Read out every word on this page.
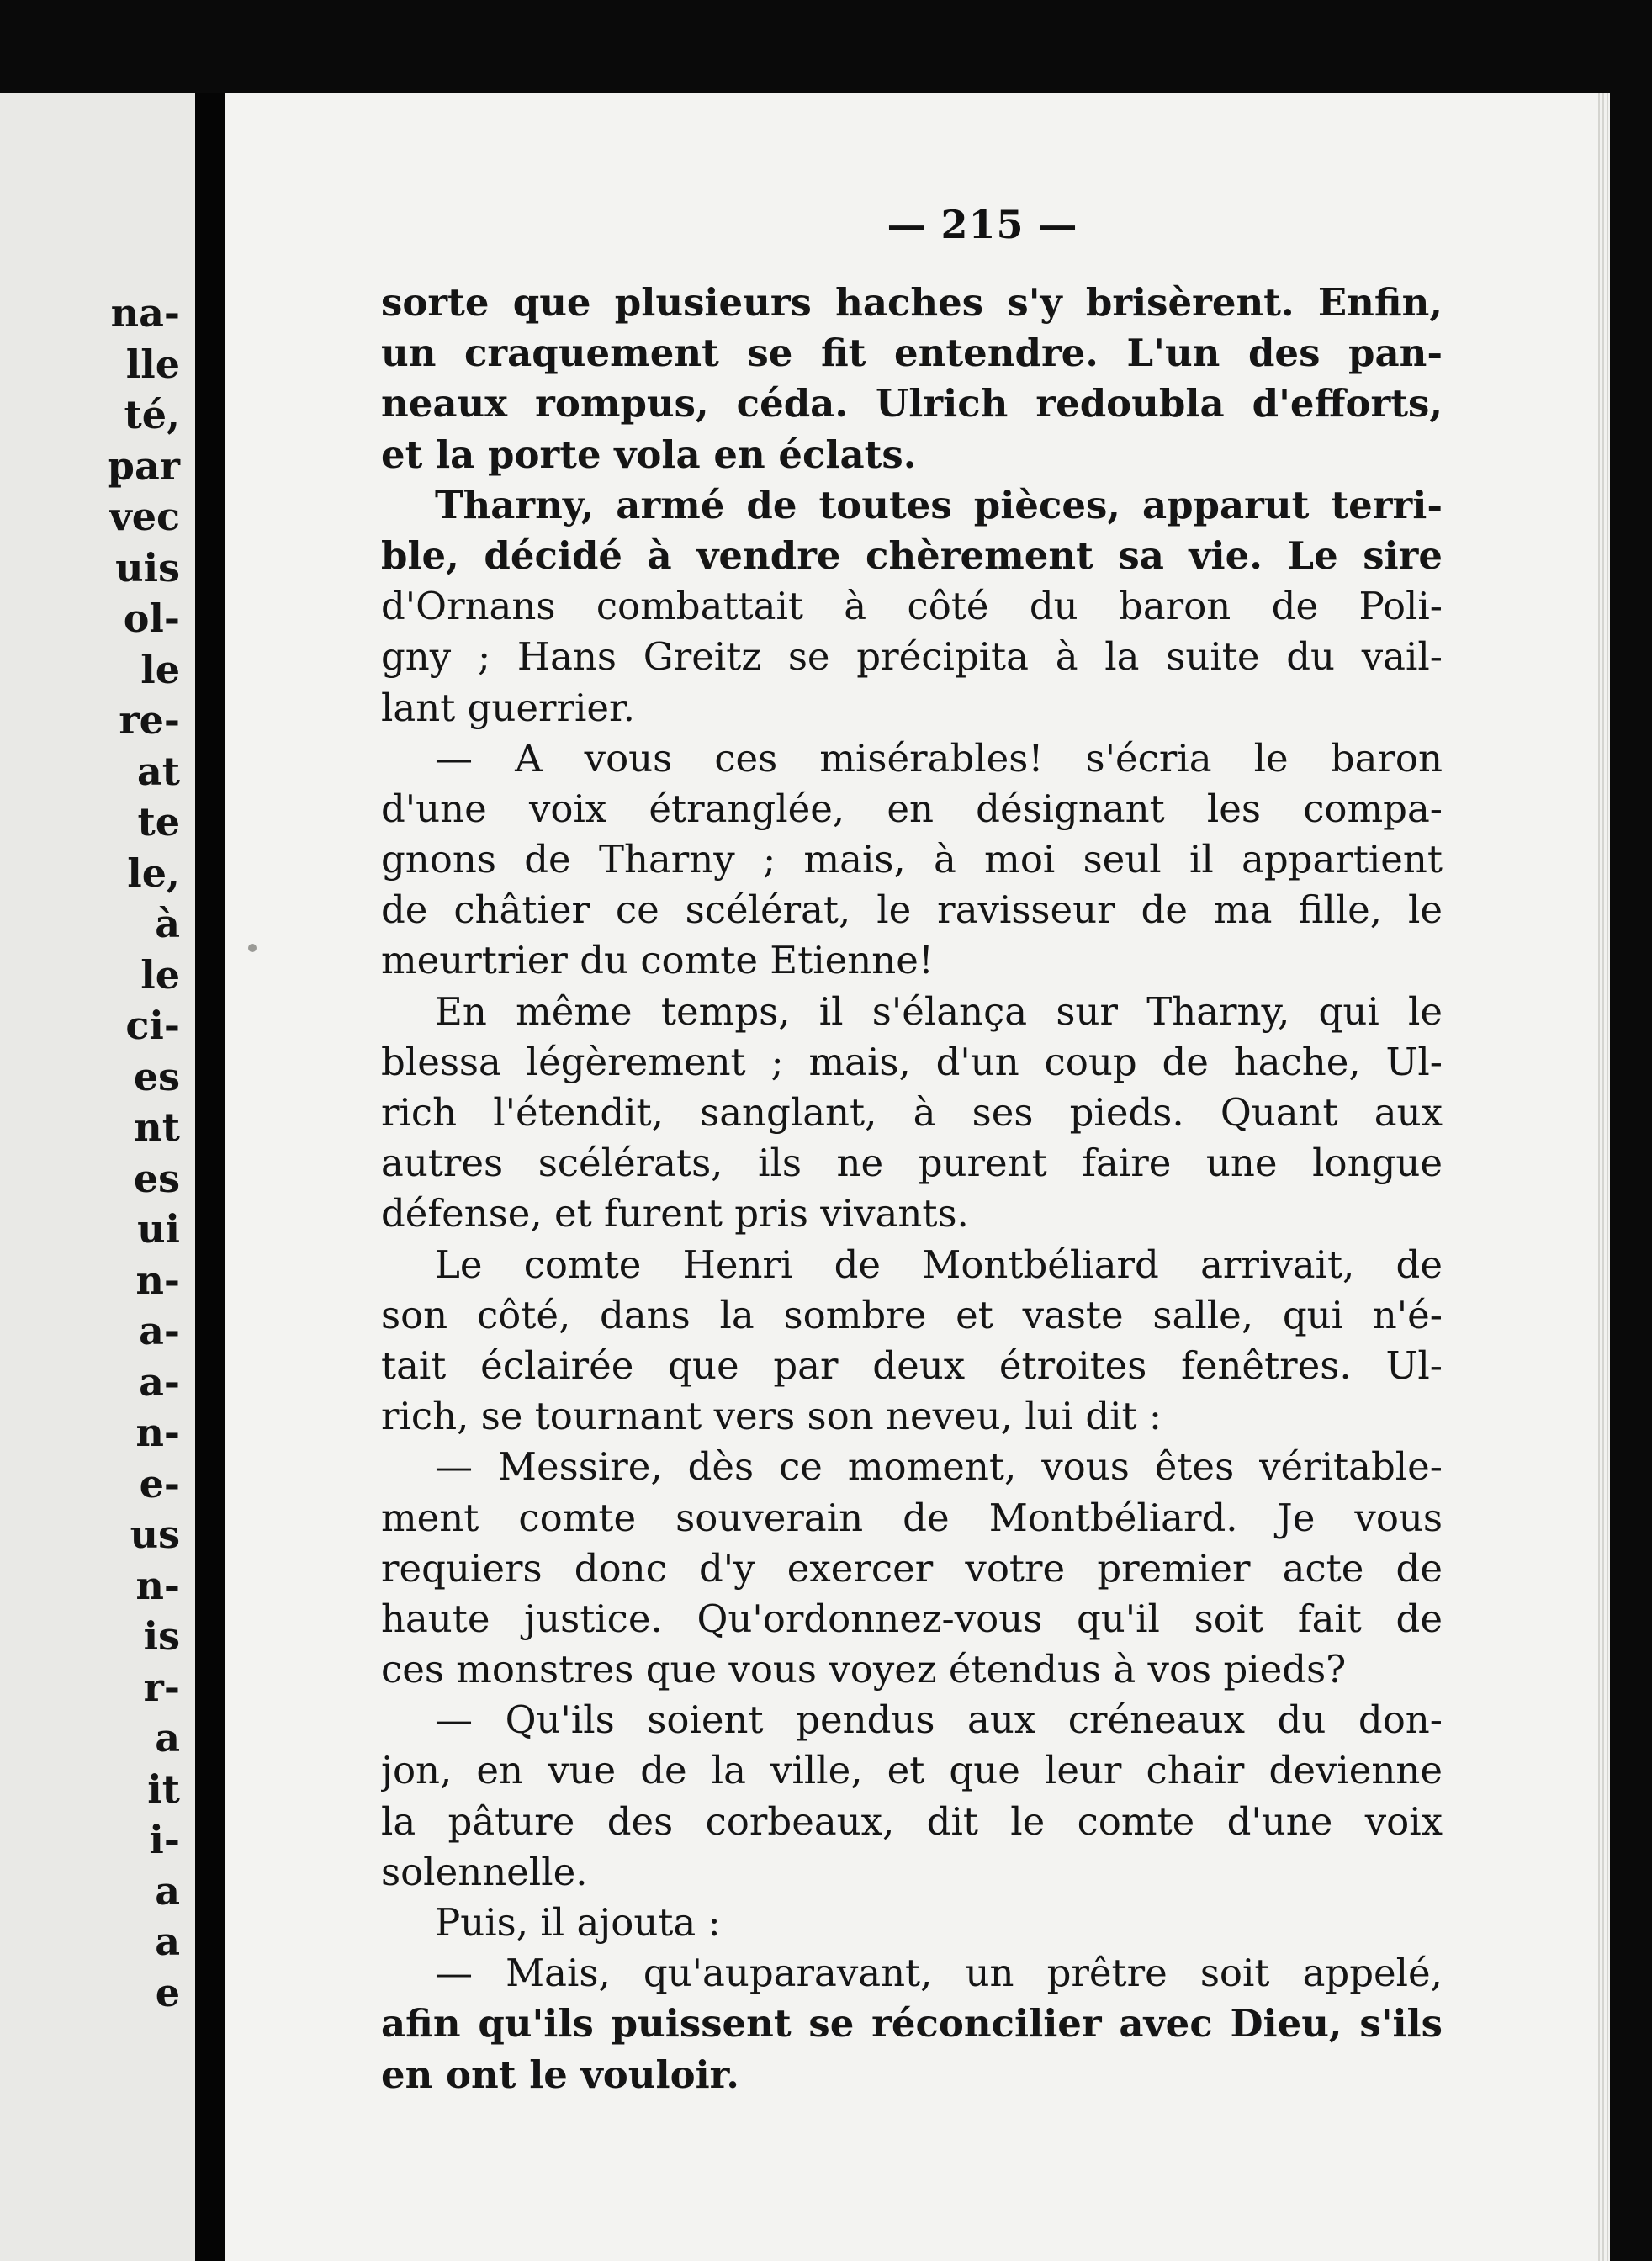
na-
lle
té,
par
vec
uis
ol-
le
re-
at
te
le,
à
le
ci-
es
nt
es
ui
n-
a-
a-
n-
e-
us
n-
is
r-
a
it
i-
a
a
e
— 215 —
sorte que plusieurs haches s'y brisèrent. Enfin,
un craquement se fit entendre. L'un des pan-
neaux rompus, céda. Ulrich redoubla d'efforts,
et la porte vola en éclats.
Tharny, armé de toutes pièces, apparut terri-
ble, décidé à vendre chèrement sa vie. Le sire
d'Ornans combattait à côté du baron de Poli-
gny ; Hans Greitz se précipita à la suite du vail-
lant guerrier.
— A vous ces misérables! s'écria le baron
d'une voix étranglée, en désignant les compa-
gnons de Tharny ; mais, à moi seul il appartient
de châtier ce scélérat, le ravisseur de ma fille, le
meurtrier du comte Etienne!
En même temps, il s'élança sur Tharny, qui le
blessa légèrement ; mais, d'un coup de hache, Ul-
rich l'étendit, sanglant, à ses pieds. Quant aux
autres scélérats, ils ne purent faire une longue
défense, et furent pris vivants.
Le comte Henri de Montbéliard arrivait, de
son côté, dans la sombre et vaste salle, qui n'é-
tait éclairée que par deux étroites fenêtres. Ul-
rich, se tournant vers son neveu, lui dit :
— Messire, dès ce moment, vous êtes véritable-
ment comte souverain de Montbéliard. Je vous
requiers donc d'y exercer votre premier acte de
haute justice. Qu'ordonnez-vous qu'il soit fait de
ces monstres que vous voyez étendus à vos pieds?
— Qu'ils soient pendus aux créneaux du don-
jon, en vue de la ville, et que leur chair devienne
la pâture des corbeaux, dit le comte d'une voix
solennelle.
Puis, il ajouta :
— Mais, qu'auparavant, un prêtre soit appelé,
afin qu'ils puissent se réconcilier avec Dieu, s'ils
en ont le vouloir.
